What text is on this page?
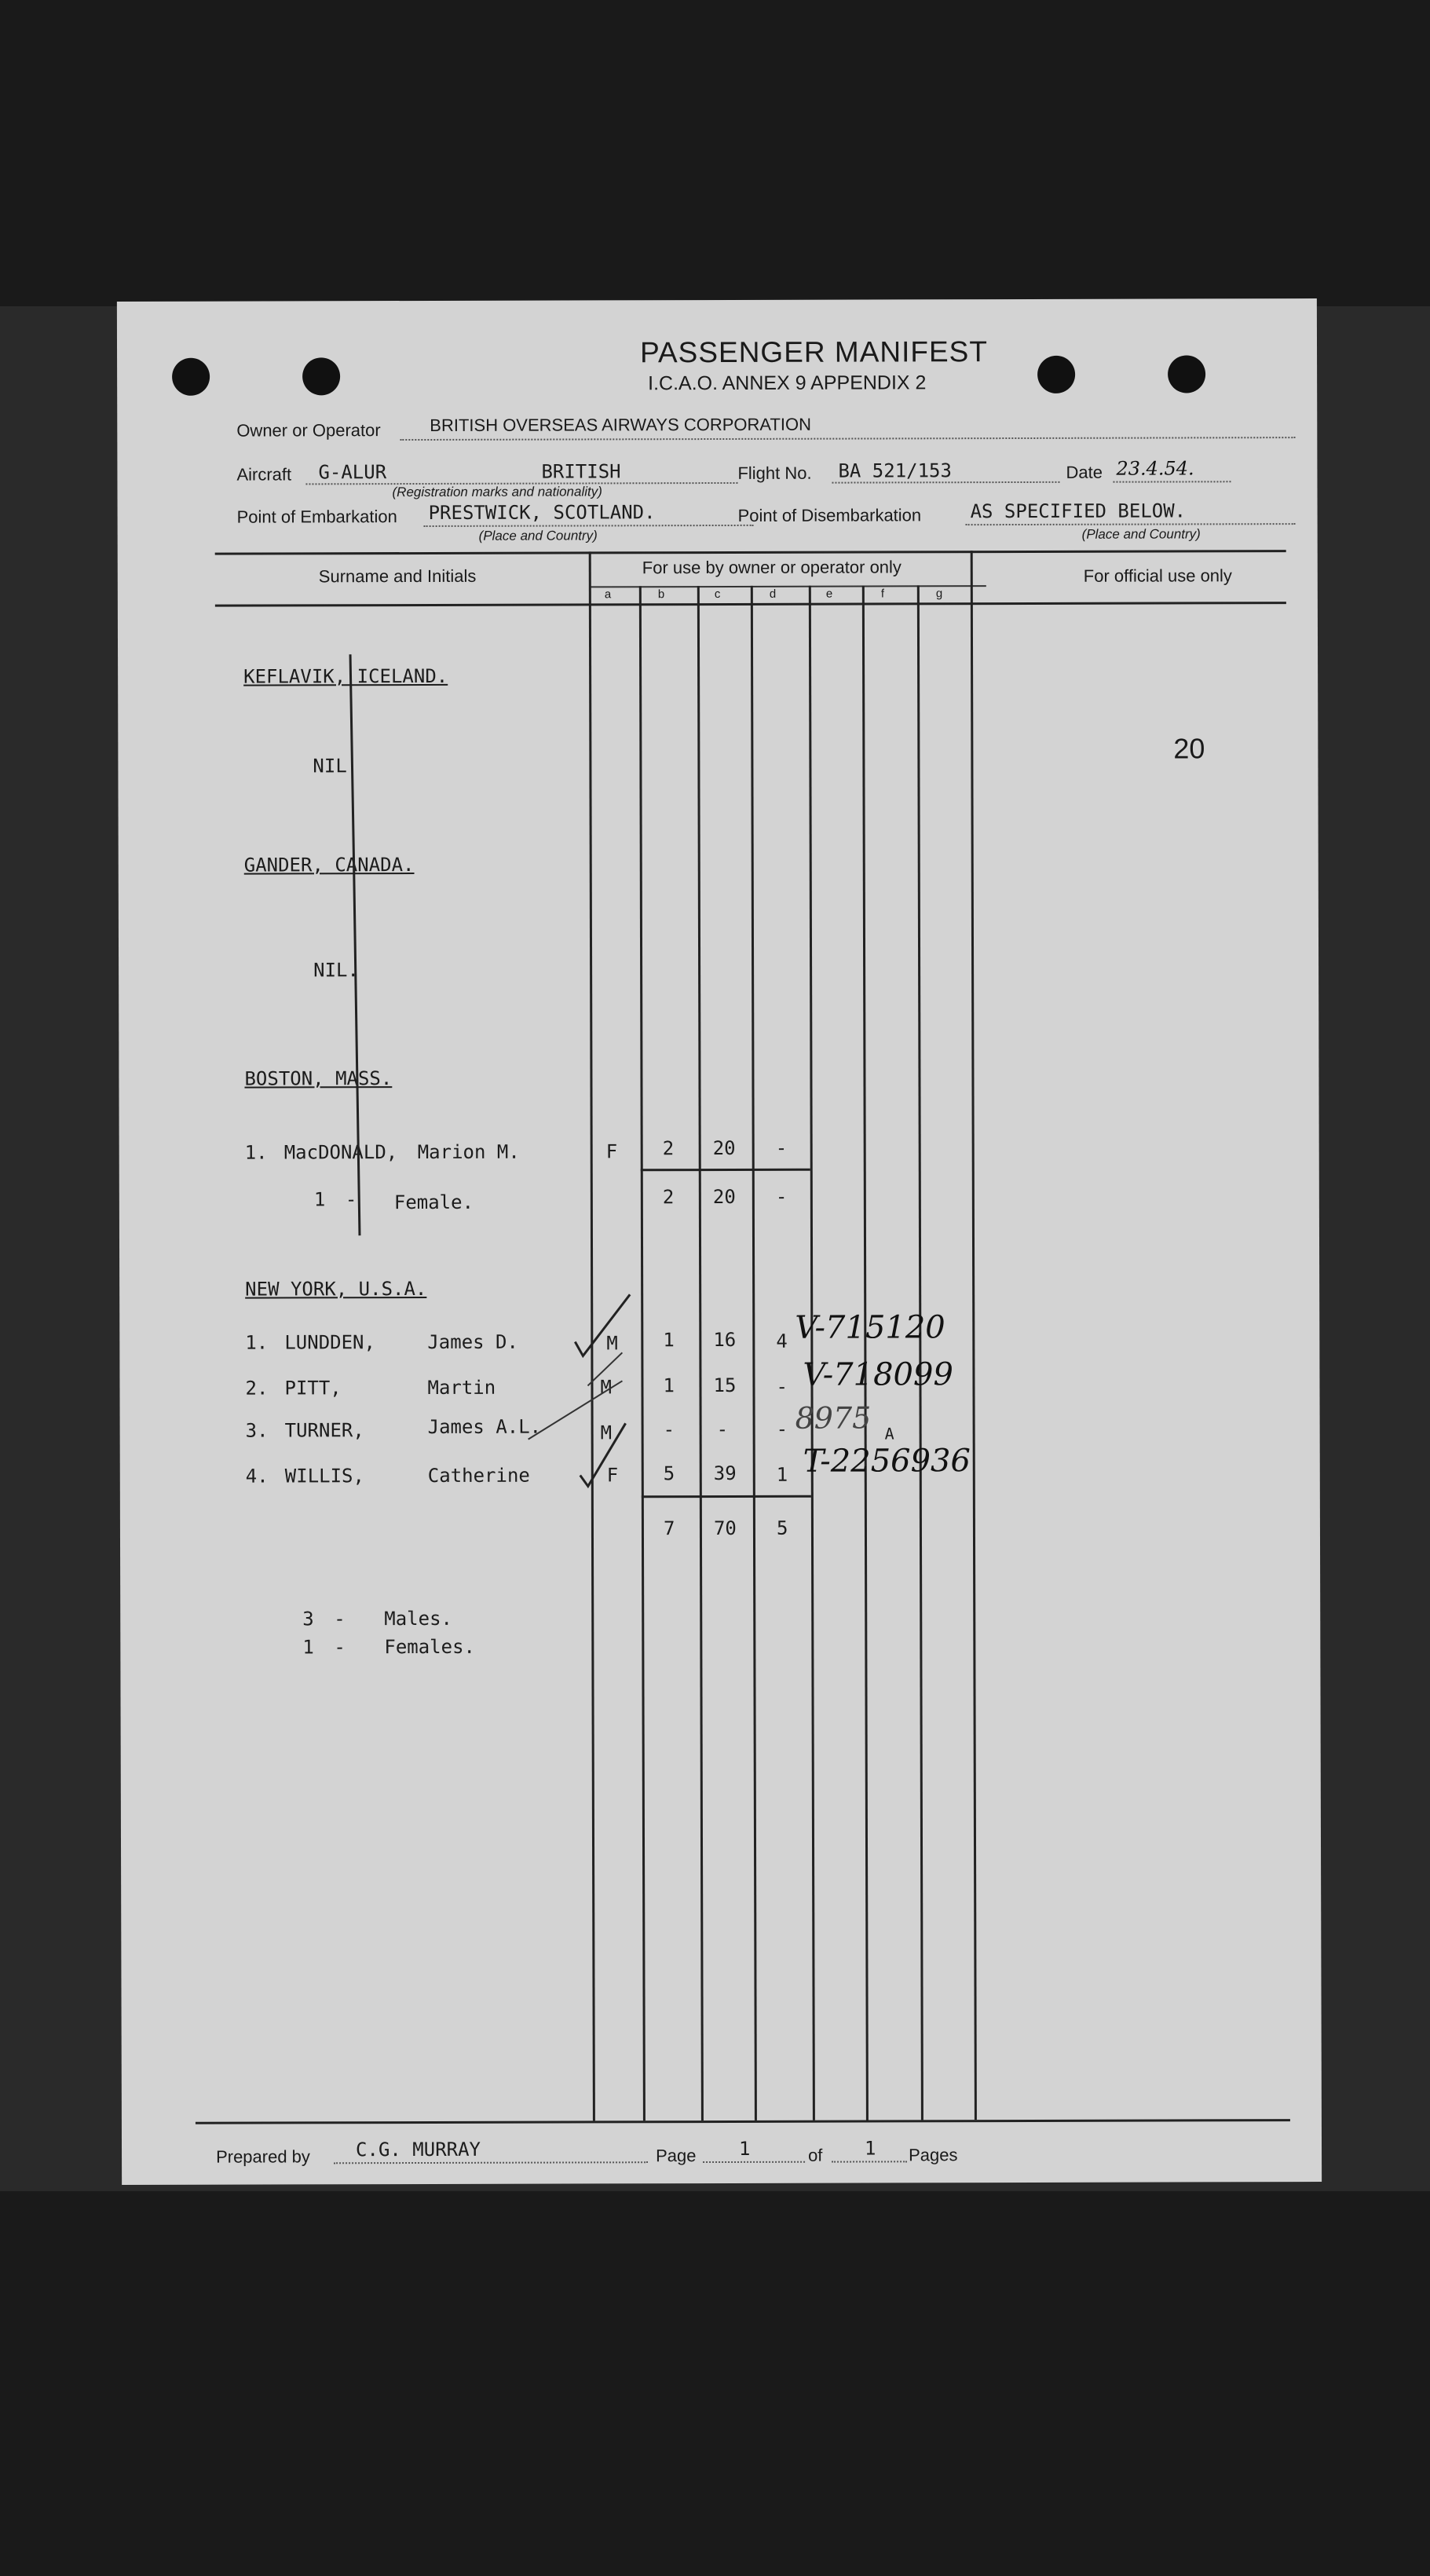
PASSENGER MANIFEST
I.C.A.O. ANNEX 9 APPENDIX 2
Owner or Operator	BRITISH OVERSEAS AIRWAYS CORPORATION
Aircraft G-ALUR	BRITISH
(Registration marks and nationality)
Flight No. BA 521/153	Date 23.4.54.
Point of Embarkation PRESTWICK, SCOTLAND.
(Place and Country)
Point of Disembarkation	AS SPECIFIED BELOW.
(Place and Country)
Surname and Initials	For use by owner or operator only	For official use only
a	b	c	d	e	f	g
KEFLAVIK, ICELAND.
NIL
20
GANDER, CANADA.
NIL.
BOSTON, MASS.
1. MacDONALD, Marion M.	F 2 20 -
1 - Female.	2 20 -
NEW YORK, U.S.A.
1. LUNDDEN,	James D.	M 1 16 4 V-715120
2. PITT,	Martin	M	1 15 - V-718099
3. TURNER,	James A.L.	M	- -	- 8975 A
4. WILLIS,	Catherine	F 5 39 1 T-2256936
7 70 5
3 - Males.
1 - Females.
Prepared by C.G. MURRAY	Page 1	of 1 Pages
